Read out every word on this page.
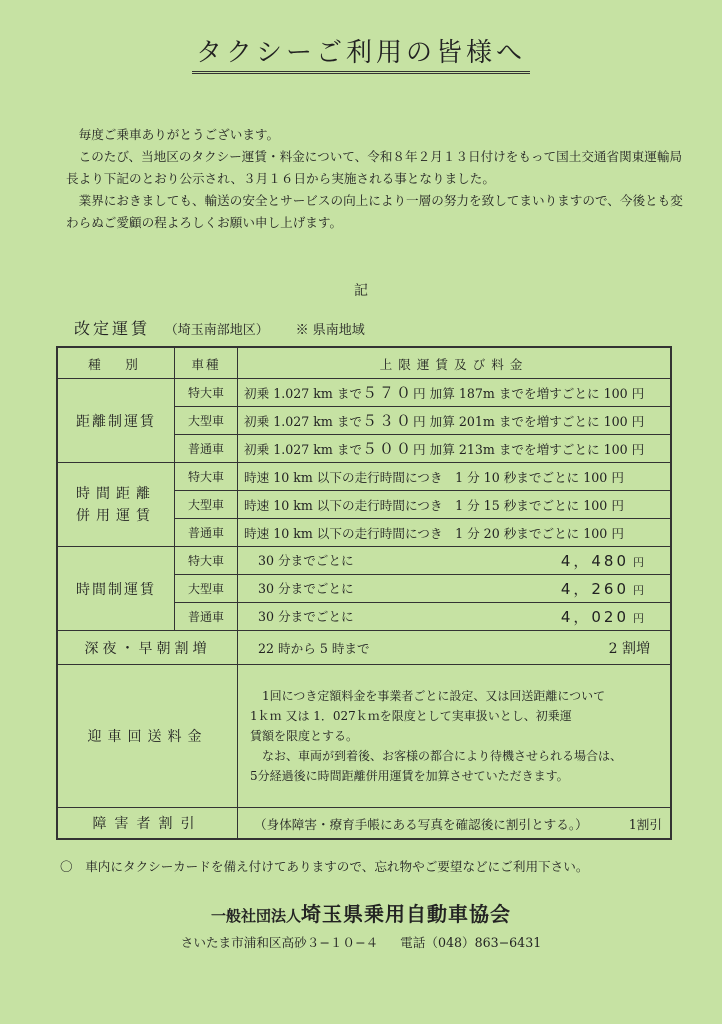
タクシーご利用の皆様へ

毎度ご乗車ありがとうございます。

このたび、当地区のタクシー運賃・料金について、令和８年２月１３日付けをもって国土交通省関東運輸局長より下記のとおり公示され、３月１６日から実施される事となりました。

業界におきましても、輸送の安全とサービスの向上により一層の努力を致してまいりますので、今後とも変わらぬご愛顧の程よろしくお願い申し上げます。

記
改定運賃 （埼玉南部地区） ※ 県南地域
種　別	車種	上限運賃及び料金
距離制運賃	特大車	初乗 1.027 km まで５７０円 加算 187m までを増すごとに 100 円
	大型車	初乗 1.027 km まで５３０円 加算 201m までを増すごとに 100 円
	普通車	初乗 1.027 km まで５００円 加算 213m までを増すごとに 100 円
時間距離
併用運賃	特大車	時速 10 km 以下の走行時間につき　1 分 10 秒までごとに 100 円
	大型車	時速 10 km 以下の走行時間につき　1 分 15 秒までごとに 100 円
	普通車	時速 10 km 以下の走行時間につき　1 分 20 秒までごとに 100 円
時間制運賃	特大車	30 分までごとに 4，480 円

	大型車	30 分までごとに 4，260 円

	普通車	30 分までごとに 4，020 円

深夜・早朝割増		22 時から 5 時まで 2 割増

迎車回送料金		1回につき定額料金を事業者ごとに設定、又は回送距離について

1ｋｍ 又は 1．027ｋｍを限度として実車扱いとし、初乗運

賃額を限度とする。

なお、車両が到着後、お客様の都合により待機させられる場合は、

5分経過後に時間距離併用運賃を加算させていただきます。

障害者割引		（身体障害・療育手帳にある写真を確認後に割引とする。） 1割引
〇　車内にタクシーカードを備え付けてありますので、忘れ物やご要望などにご利用下さい。
一般社団法人埼玉県乗用自動車協会
さいたま市浦和区高砂３−１０−４ 電話（048）863−6431
